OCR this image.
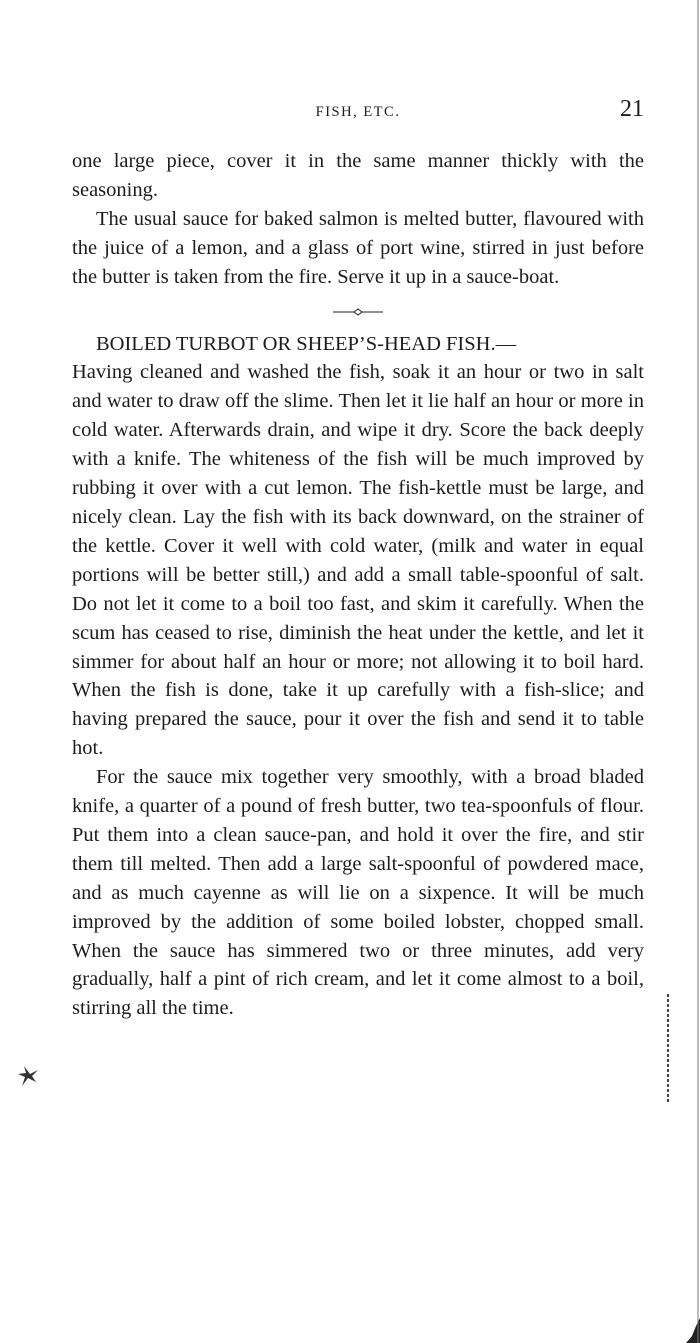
FISH, ETC.	21

one large piece, cover it in the same manner thickly with the seasoning.

The usual sauce for baked salmon is melted butter, flavoured with the juice of a lemon, and a glass of port wine, stirred in just before the butter is taken from the fire. Serve it up in a sauce-boat.

BOILED TURBOT OR SHEEP’S-HEAD FISH.—

Having cleaned and washed the fish, soak it an hour or two in salt and water to draw off the slime. Then let it lie half an hour or more in cold water. Afterwards drain, and wipe it dry. Score the back deeply with a knife. The whiteness of the fish will be much improved by rubbing it over with a cut lemon. The fish-kettle must be large, and nicely clean. Lay the fish with its back downward, on the strainer of the kettle. Cover it well with cold water, (milk and water in equal portions will be better still,) and add a small table-spoonful of salt. Do not let it come to a boil too fast, and skim it carefully. When the scum has ceased to rise, diminish the heat under the kettle, and let it simmer for about half an hour or more; not allowing it to boil hard. When the fish is done, take it up carefully with a fish-slice; and having prepared the sauce, pour it over the fish and send it to table hot.

For the sauce mix together very smoothly, with a broad bladed knife, a quarter of a pound of fresh butter, two tea-spoonfuls of flour. Put them into a clean sauce-pan, and hold it over the fire, and stir them till melted. Then add a large salt-spoonful of powdered mace, and as much cayenne as will lie on a sixpence. It will be much improved by the addition of some boiled lobster, chopped small. When the sauce has simmered two or three minutes, add very gradually, half a pint of rich cream, and let it come almost to a boil, stirring all the time.
